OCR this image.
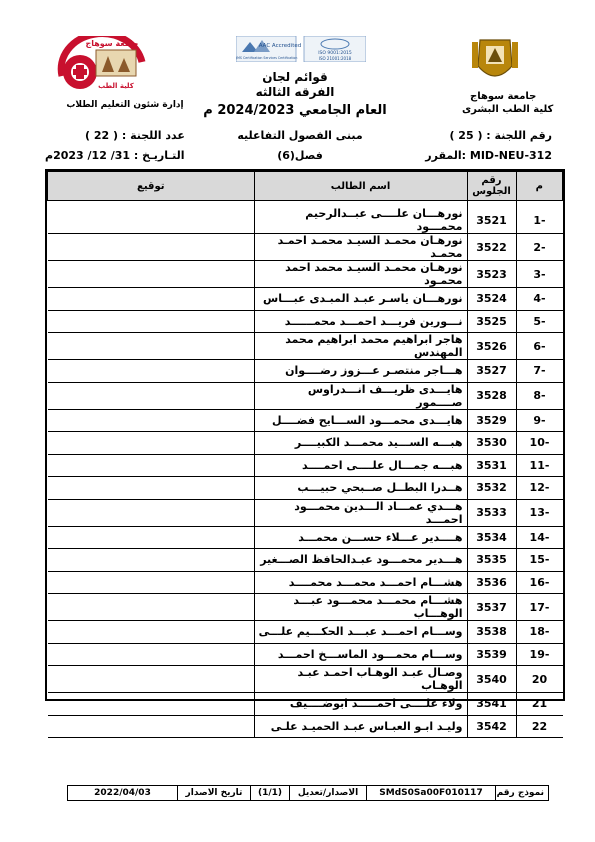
جامعة سوهاج
كلية الطب
AAC Accredited
QMS Certification Services Certification
ISO 9001:2015
ISO 21001:2018
جامعة سوهاج
كلية الطب البشرى
إدارة شئون التعليم الطلاب
قوائم لجان
الفرقه الثالثه
العام الجامعي 2024/2023 م
رقم اللجنة : ( 25 )
مبنى الفصول التفاعليه
عدد اللجنة : ( 22 )
المقرر: MID-NEU-312
فصل(6)
التـاريـخ : 31/ 12/ 2023م
م	رقم الجلوس	اسم الطالب	توقيع

-1	3521	نورهـــان علــــى عبــدالرحيم محمـــود	
-2	3522	نورهـان محمـد السيـد محمـد احمـد محمـد	
-3	3523	نورهـان محمـد السيـد محمد احمد محمـود	
-4	3524	نورهـــان ياسـر عبـد المبـدى عبـــاس	
-5	3525	نـــورين فريـــد احمـــد محمــــــد	
-6	3526	هاجر ابراهيم محمد ابراهيم محمد المهندس	
-7	3527	هـــاجر منتصـر عـــزوز رضــــوان	
-8	3528	هايـــدى ظريـــف انـــدراوس صــــمور	
-9	3529	هايـــدى محمـــود الســـايح فضــــل	
-10	3530	هبـــه الســـيد محمـــد الكبيــــر	
-11	3531	هبـــه جمـــال علــــى احمــــد	
-12	3532	هــدرا البطــل صــبحي حبيـــب	
-13	3533	هـــدي عمـــاد الـــدين محمـــود احمـــد	
-14	3534	هــــدير عـــلاء حســـن محمـــد	
-15	3535	هـــدير محمـــود عبـدالحافظ الصـــغير	
-16	3536	هشـــام احمـــد محمـــد محمــــد	
-17	3537	هشـــام محمـــد محمـــود عبـــد الوهـــاب	
-18	3538	وســـام احمـــد عبـــد الحكـــيم علـــى	
-19	3539	وســـام محمـــود الماســـخ احمـــد	
20	3540	وصـال عبـد الوهـاب احمـد عبـد الوهـاب	
21	3541	ولاء علــــى احمـــــد ابوضــــيف	
22	3542	وليـد ابـو العبـاس عبـد الحميـد علـى	
نموذج رقم
SMdS0Sa00F010117
الاصدار/تعديل
(1/1)
تاريخ الاصدار
2022/04/03
